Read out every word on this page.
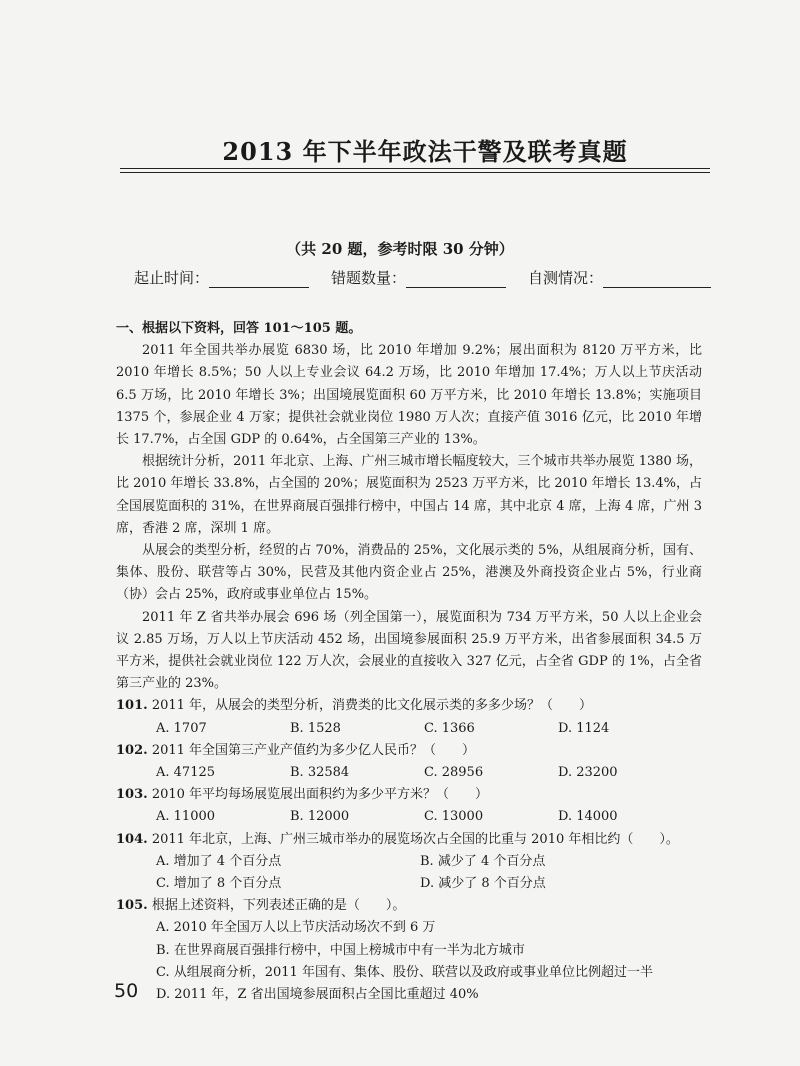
2013 年下半年政法干警及联考真题
（共 20 题，参考时限 30 分钟）
起止时间：	错题数量：	自测情况：
一、根据以下资料，回答 101～105 题。

2011 年全国共举办展览 6830 场，比 2010 年增加 9.2%；展出面积为 8120 万平方米，比 2010 年增长 8.5%；50 人以上专业会议 64.2 万场，比 2010 年增加 17.4%；万人以上节庆活动 6.5 万场，比 2010 年增长 3%；出国境展览面积 60 万平方米，比 2010 年增长 13.8%；实施项目 1375 个，参展企业 4 万家；提供社会就业岗位 1980 万人次；直接产值 3016 亿元，比 2010 年增长 17.7%，占全国 GDP 的 0.64%，占全国第三产业的 13%。

根据统计分析，2011 年北京、上海、广州三城市增长幅度较大，三个城市共举办展览 1380 场，比 2010 年增长 33.8%，占全国的 20%；展览面积为 2523 万平方米，比 2010 年增长 13.4%，占全国展览面积的 31%，在世界商展百强排行榜中，中国占 14 席，其中北京 4 席，上海 4 席，广州 3 席，香港 2 席，深圳 1 席。

从展会的类型分析，经贸的占 70%，消费品的 25%，文化展示类的 5%，从组展商分析，国有、集体、股份、联营等占 30%，民营及其他内资企业占 25%，港澳及外商投资企业占 5%，行业商（协）会占 25%，政府或事业单位占 15%。

2011 年 Z 省共举办展会 696 场（列全国第一），展览面积为 734 万平方米，50 人以上企业会议 2.85 万场，万人以上节庆活动 452 场，出国境参展面积 25.9 万平方米，出省参展面积 34.5 万平方米，提供社会就业岗位 122 万人次，会展业的直接收入 327 亿元，占全省 GDP 的 1%，占全省第三产业的 23%。

101. 2011 年，从展会的类型分析，消费类的比文化展示类的多多少场？（　　）
A. 1707	B. 1528	C. 1366	D. 1124
102. 2011 年全国第三产业产值约为多少亿人民币？（　　）
A. 47125	B. 32584	C. 28956	D. 23200
103. 2010 年平均每场展览展出面积约为多少平方米？（　　）
A. 11000	B. 12000	C. 13000	D. 14000
104. 2011 年北京，上海、广州三城市举办的展览场次占全国的比重与 2010 年相比约（　　）。
A. 增加了 4 个百分点	B. 减少了 4 个百分点
C. 增加了 8 个百分点	D. 减少了 8 个百分点
105. 根据上述资料，下列表述正确的是（　　）。
A. 2010 年全国万人以上节庆活动场次不到 6 万
B. 在世界商展百强排行榜中，中国上榜城市中有一半为北方城市
C. 从组展商分析，2011 年国有、集体、股份、联营以及政府或事业单位比例超过一半
D. 2011 年，Z 省出国境参展面积占全国比重超过 40%
50
